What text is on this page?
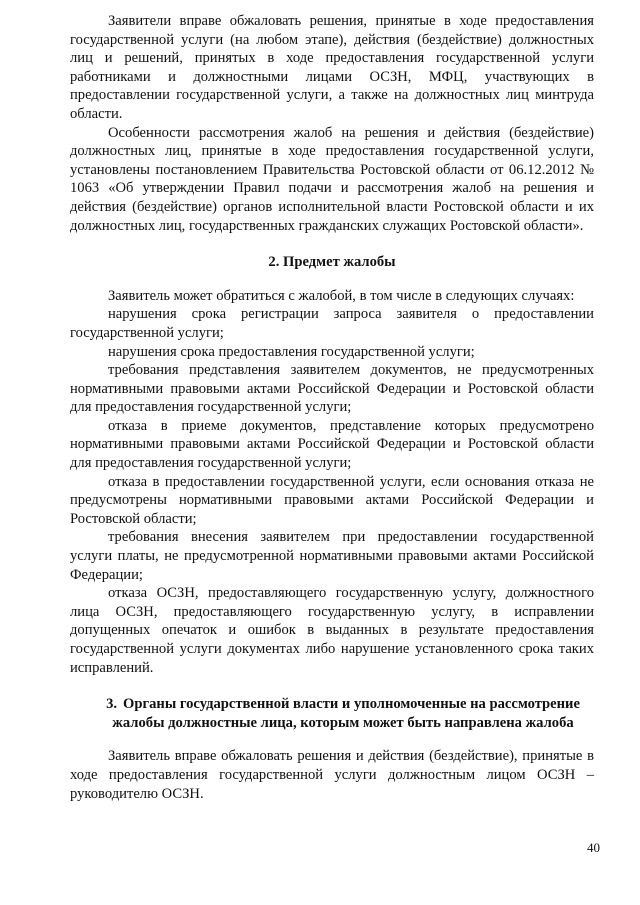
Заявители вправе обжаловать решения, принятые в ходе предоставления государственной услуги (на любом этапе), действия (бездействие) должностных лиц и решений, принятых в ходе предоставления государственной услуги работниками и должностными лицами ОСЗН, МФЦ, участвующих в предоставлении государственной услуги, а также на должностных лиц минтруда области.

Особенности рассмотрения жалоб на решения и действия (бездействие) должностных лиц, принятые в ходе предоставления государственной услуги, установлены постановлением Правительства Ростовской области от 06.12.2012 № 1063 «Об утверждении Правил подачи и рассмотрения жалоб на решения и действия (бездействие) органов исполнительной власти Ростовской области и их должностных лиц, государственных гражданских служащих Ростовской области».

2. Предмет жалобы

Заявитель может обратиться с жалобой, в том числе в следующих случаях:

нарушения срока регистрации запроса заявителя о предоставлении государственной услуги;

нарушения срока предоставления государственной услуги;

требования представления заявителем документов, не предусмотренных нормативными правовыми актами Российской Федерации и Ростовской области для предоставления государственной услуги;

отказа в приеме документов, представление которых предусмотрено нормативными правовыми актами Российской Федерации и Ростовской области для предоставления государственной услуги;

отказа в предоставлении государственной услуги, если основания отказа не предусмотрены нормативными правовыми актами Российской Федерации и Ростовской области;

требования внесения заявителем при предоставлении государственной услуги платы, не предусмотренной нормативными правовыми актами Российской Федерации;

отказа ОСЗН, предоставляющего государственную услугу, должностного лица ОСЗН, предоставляющего государственную услугу, в исправлении допущенных опечаток и ошибок в выданных в результате предоставления государственной услуги документах либо нарушение установленного срока таких исправлений.

3. Органы государственной власти и уполномоченные на рассмотрение жалобы должностные лица, которым может быть направлена жалоба

Заявитель вправе обжаловать решения и действия (бездействие), принятые в ходе предоставления государственной услуги должностным лицом ОСЗН – руководителю ОСЗН.

40
